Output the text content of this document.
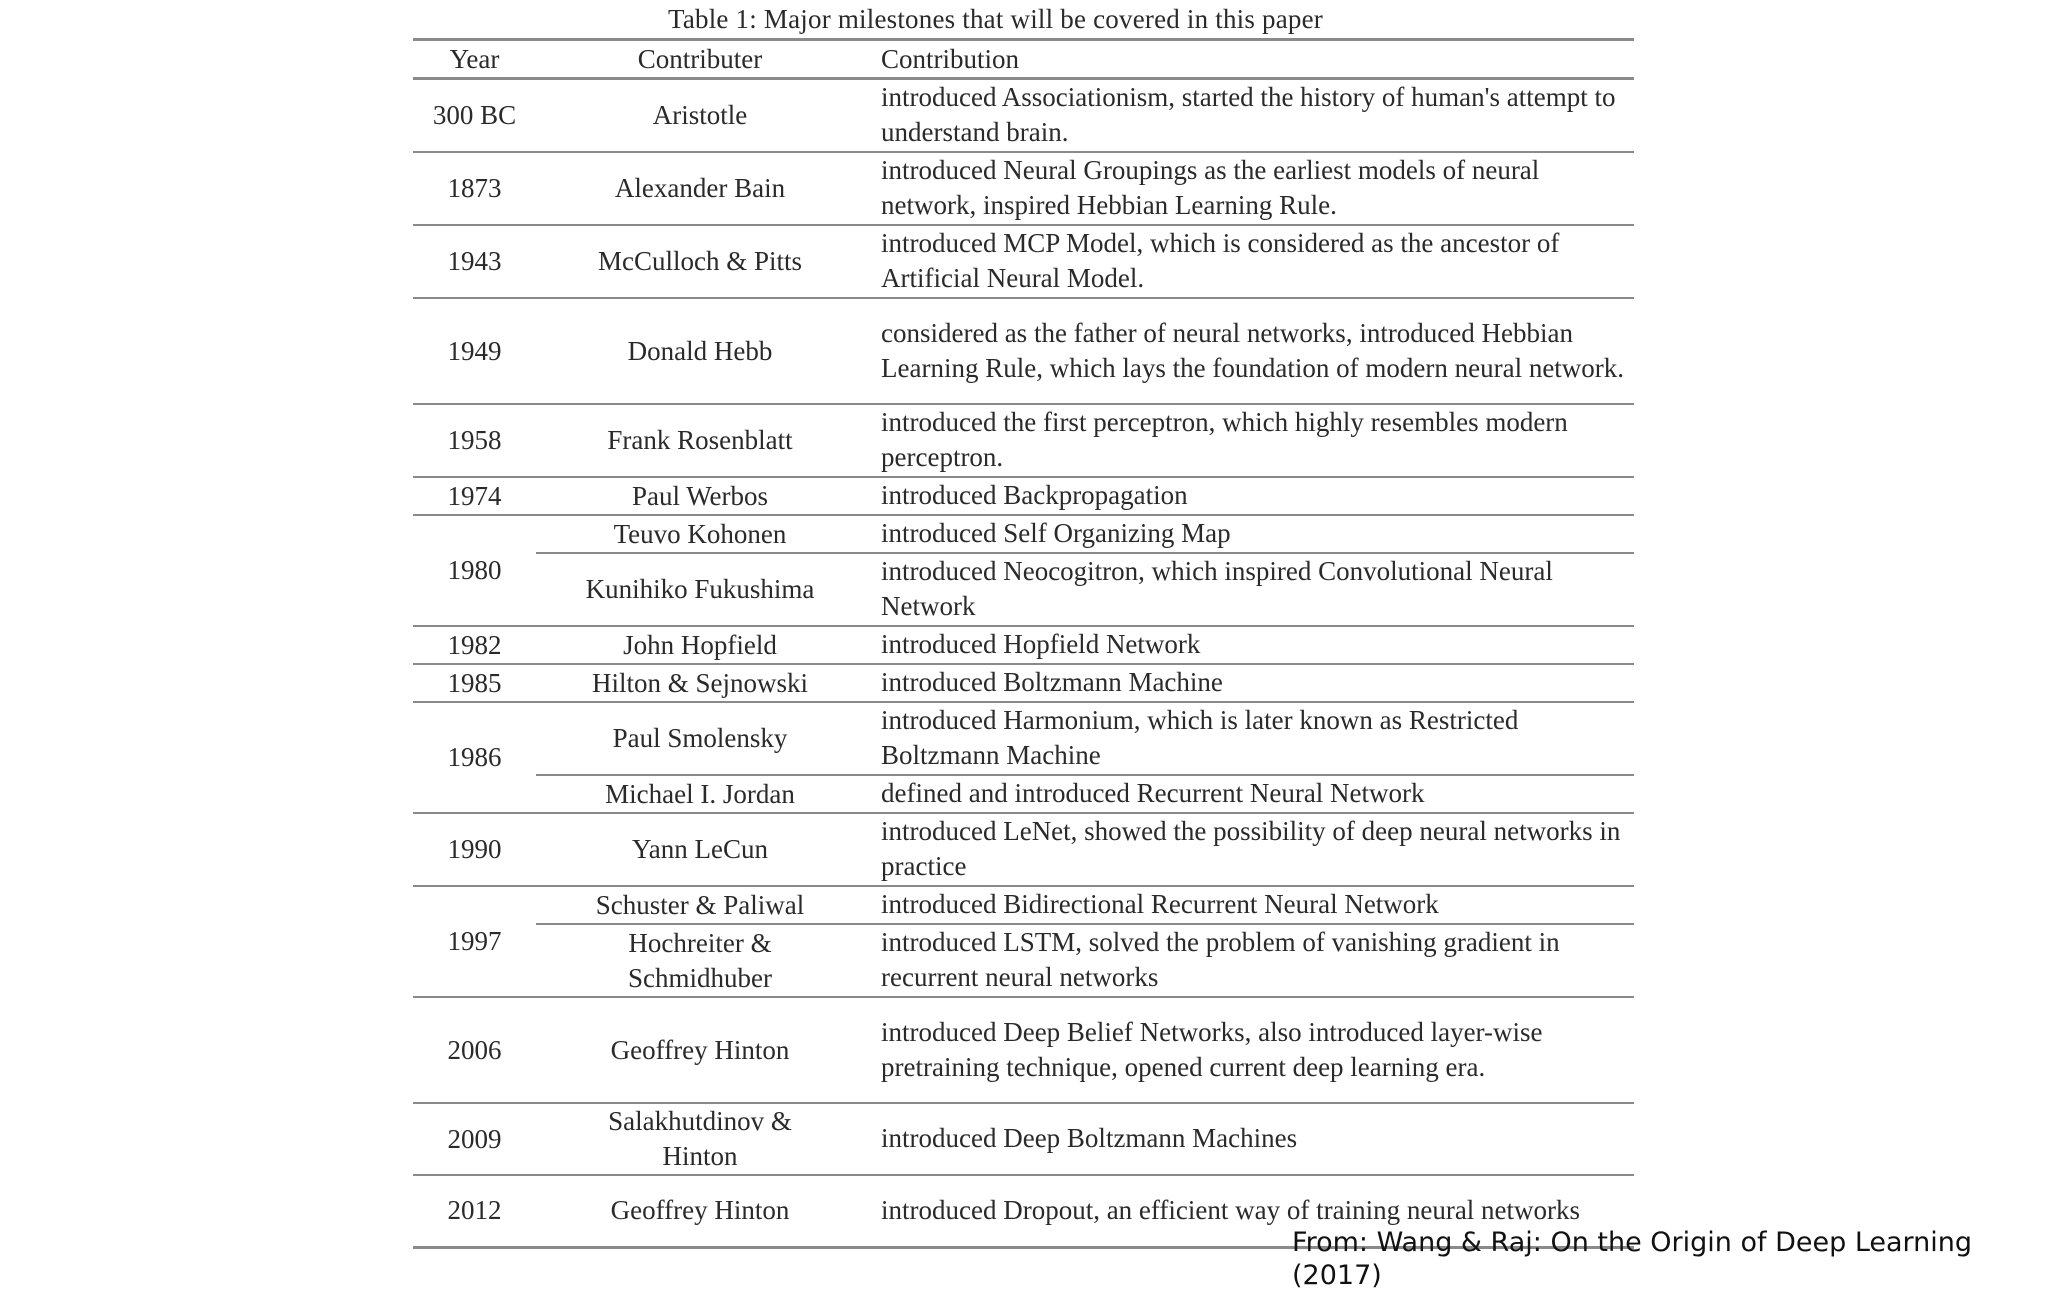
Table 1: Major milestones that will be covered in this paper
Year	Contributer	Contribution
300 BC	Aristotle	introduced Associationism, started the history of human's attempt to understand brain.
1873	Alexander Bain	introduced Neural Groupings as the earliest models of neural network, inspired Hebbian Learning Rule.
1943	McCulloch & Pitts	introduced MCP Model, which is considered as the ancestor of Artificial Neural Model.
1949	Donald Hebb	considered as the father of neural networks, introduced Hebbian Learning Rule, which lays the foundation of modern neural network.
1958	Frank Rosenblatt	introduced the first perceptron, which highly resembles modern perceptron.
1974	Paul Werbos	introduced Backpropagation
1980	Teuvo Kohonen	introduced Self Organizing Map
	Kunihiko Fukushima	introduced Neocogitron, which inspired Convolutional Neural Network
1982	John Hopfield	introduced Hopfield Network
1985	Hilton & Sejnowski	introduced Boltzmann Machine
1986	Paul Smolensky	introduced Harmonium, which is later known as Restricted Boltzmann Machine
	Michael I. Jordan	defined and introduced Recurrent Neural Network
1990	Yann LeCun	introduced LeNet, showed the possibility of deep neural networks in practice
1997	Schuster & Paliwal	introduced Bidirectional Recurrent Neural Network
	Hochreiter & Schmidhuber	introduced LSTM, solved the problem of vanishing gradient in recurrent neural networks
2006	Geoffrey Hinton	introduced Deep Belief Networks, also introduced layer-wise pretraining technique, opened current deep learning era.
2009	Salakhutdinov & Hinton	introduced Deep Boltzmann Machines
2012	Geoffrey Hinton	introduced Dropout, an efficient way of training neural networks
From: Wang & Raj: On the Origin of Deep Learning (2017)
